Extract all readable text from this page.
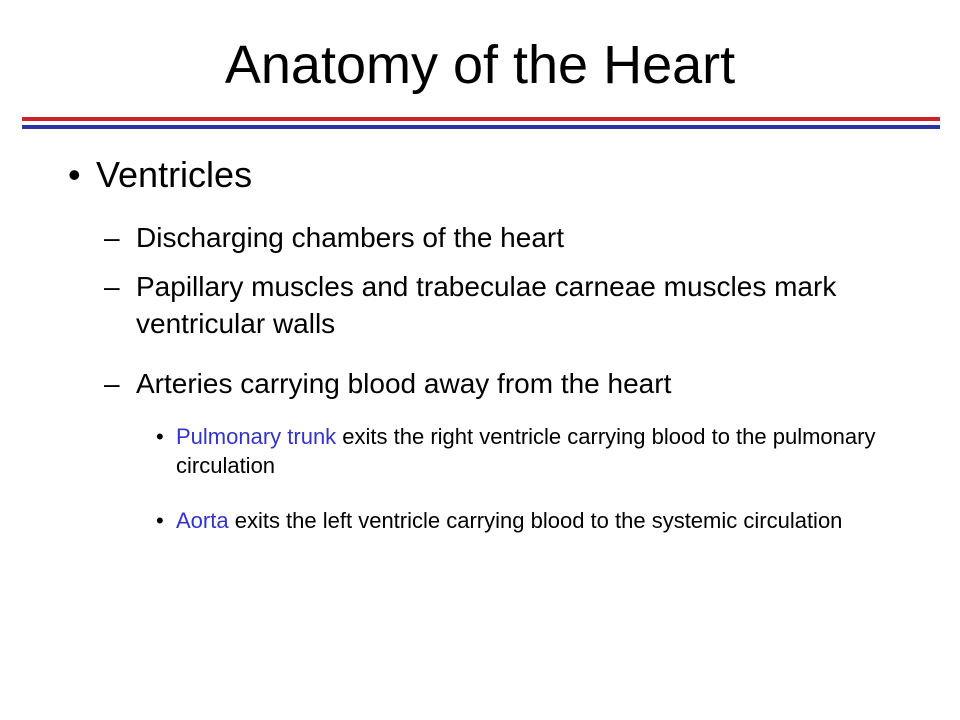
Anatomy of the Heart
• Ventricles
– Discharging chambers of the heart
– Papillary muscles and trabeculae carneae muscles mark ventricular walls
– Arteries carrying blood away from the heart
• Pulmonary trunk exits the right ventricle carrying blood to the pulmonary circulation
• Aorta exits the left ventricle carrying blood to the systemic circulation
